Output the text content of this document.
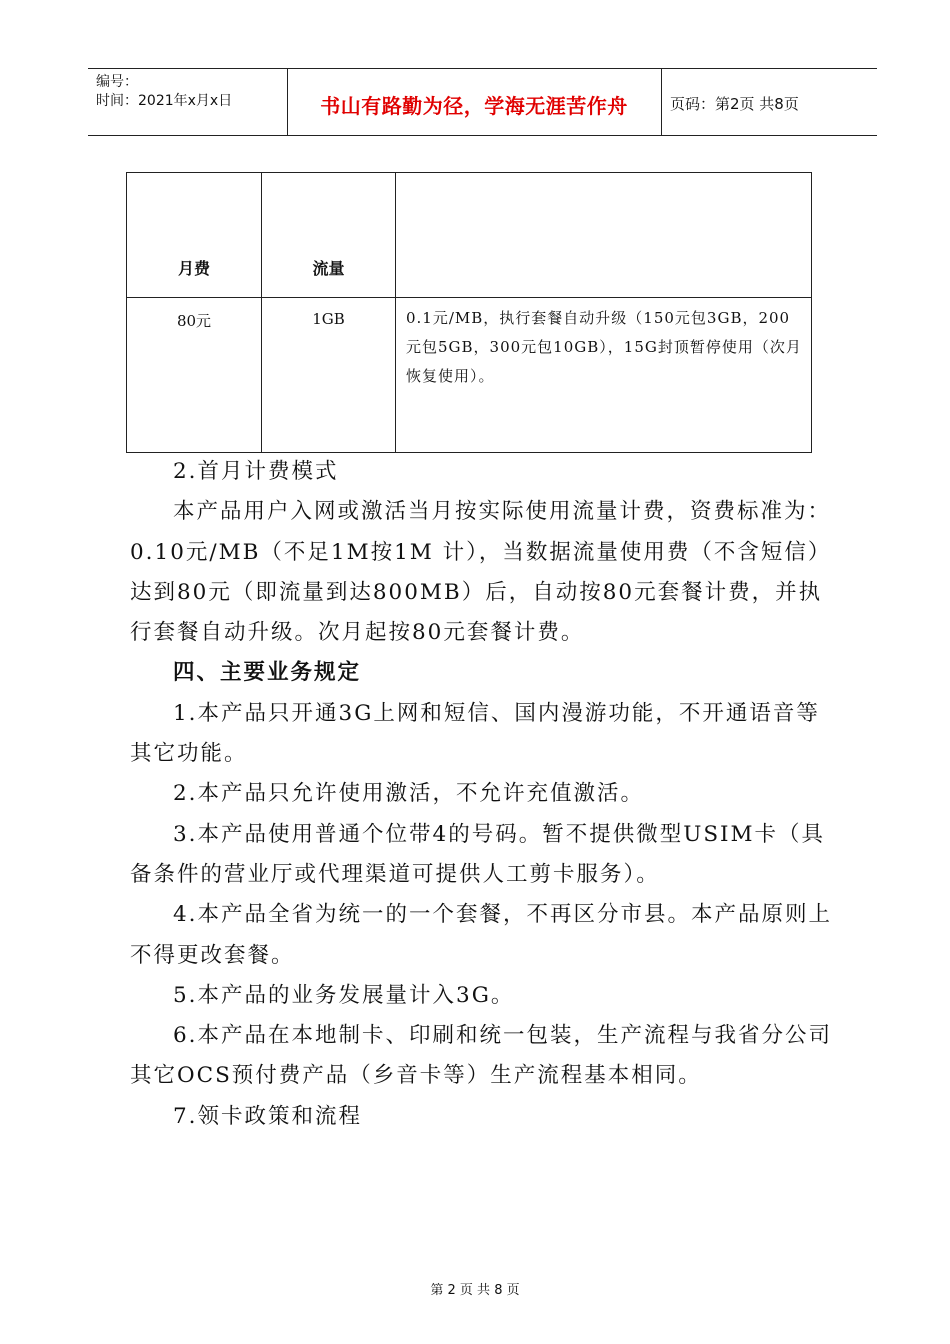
编号：
时间：2021年x月x日	书山有路勤为径，学海无涯苦作舟	页码：第2页 共8页
月费	流量	
80元	1GB	0.1元/MB，执行套餐自动升级（150元包3GB，200元包5GB，300元包10GB），15G封顶暂停使用（次月恢复使用）。

2.首月计费模式

本产品用户入网或激活当月按实际使用流量计费，资费标准为：0.10元/MB（不足1M按1M 计），当数据流量使用费（不含短信）达到80元（即流量到达800MB）后，自动按80元套餐计费，并执行套餐自动升级。次月起按80元套餐计费。

四、主要业务规定

1.本产品只开通3G上网和短信、国内漫游功能，不开通语音等其它功能。

2.本产品只允许使用激活，不允许充值激活。

3.本产品使用普通个位带4的号码。暂不提供微型USIM卡（具备条件的营业厅或代理渠道可提供人工剪卡服务）。

4.本产品全省为统一的一个套餐，不再区分市县。本产品原则上不得更改套餐。

5.本产品的业务发展量计入3G。

6.本产品在本地制卡、印刷和统一包装，生产流程与我省分公司其它OCS预付费产品（乡音卡等）生产流程基本相同。

7.领卡政策和流程

第 2 页 共 8 页
